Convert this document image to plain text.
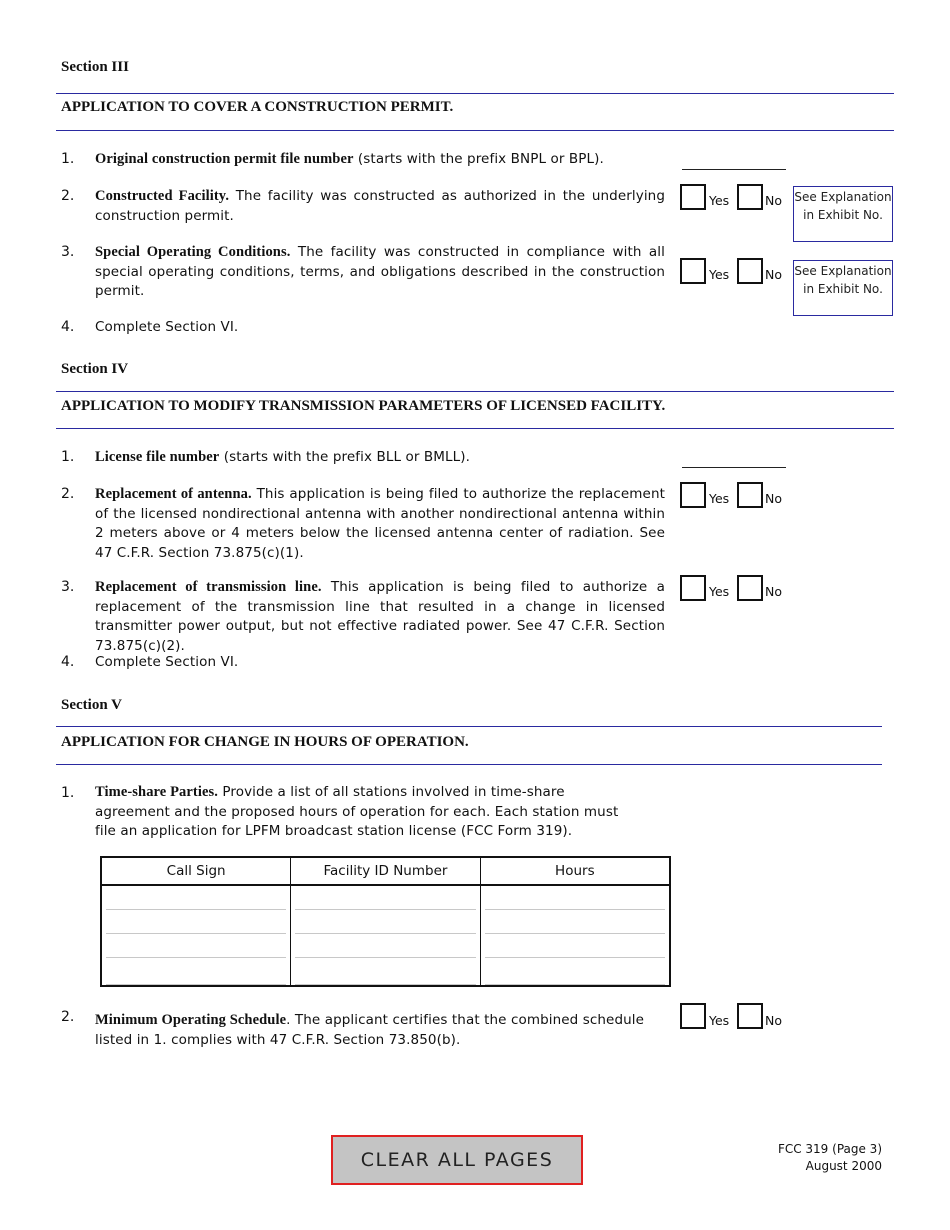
Section III
APPLICATION TO COVER A CONSTRUCTION PERMIT.
1. Original construction permit file number (starts with the prefix BNPL or BPL).
2. Constructed Facility. The facility was constructed as authorized in the underlying construction permit.
Yes	No See Explanation
in Exhibit No.
3. Special Operating Conditions. The facility was constructed in compliance with all special operating conditions, terms, and obligations described in the construction permit.
Yes	No See Explanation
in Exhibit No.
4. Complete Section VI.
Section IV
APPLICATION TO MODIFY TRANSMISSION PARAMETERS OF LICENSED FACILITY.
1. License file number (starts with the prefix BLL or BMLL).
2. Replacement of antenna. This application is being filed to authorize the replacement of the licensed nondirectional antenna with another nondirectional antenna within 2 meters above or 4 meters below the licensed antenna center of radiation. See 47 C.F.R. Section 73.875(c)(1).
Yes	No
3. Replacement of transmission line. This application is being filed to authorize a replacement of the transmission line that resulted in a change in licensed transmitter power output, but not effective radiated power. See 47 C.F.R. Section 73.875(c)(2).
Yes	No
4. Complete Section VI.
Section V
APPLICATION FOR CHANGE IN HOURS OF OPERATION.
1. Time-share Parties. Provide a list of all stations involved in time-share agreement and the proposed hours of operation for each. Each station must file an application for LPFM broadcast station license (FCC Form 319).
Call Sign	Facility ID Number	Hours

2. Minimum Operating Schedule. The applicant certifies that the combined schedule listed in 1. complies with 47 C.F.R. Section 73.850(b).
Yes	No
CLEAR ALL PAGES	FCC 319 (Page 3)
August 2000
